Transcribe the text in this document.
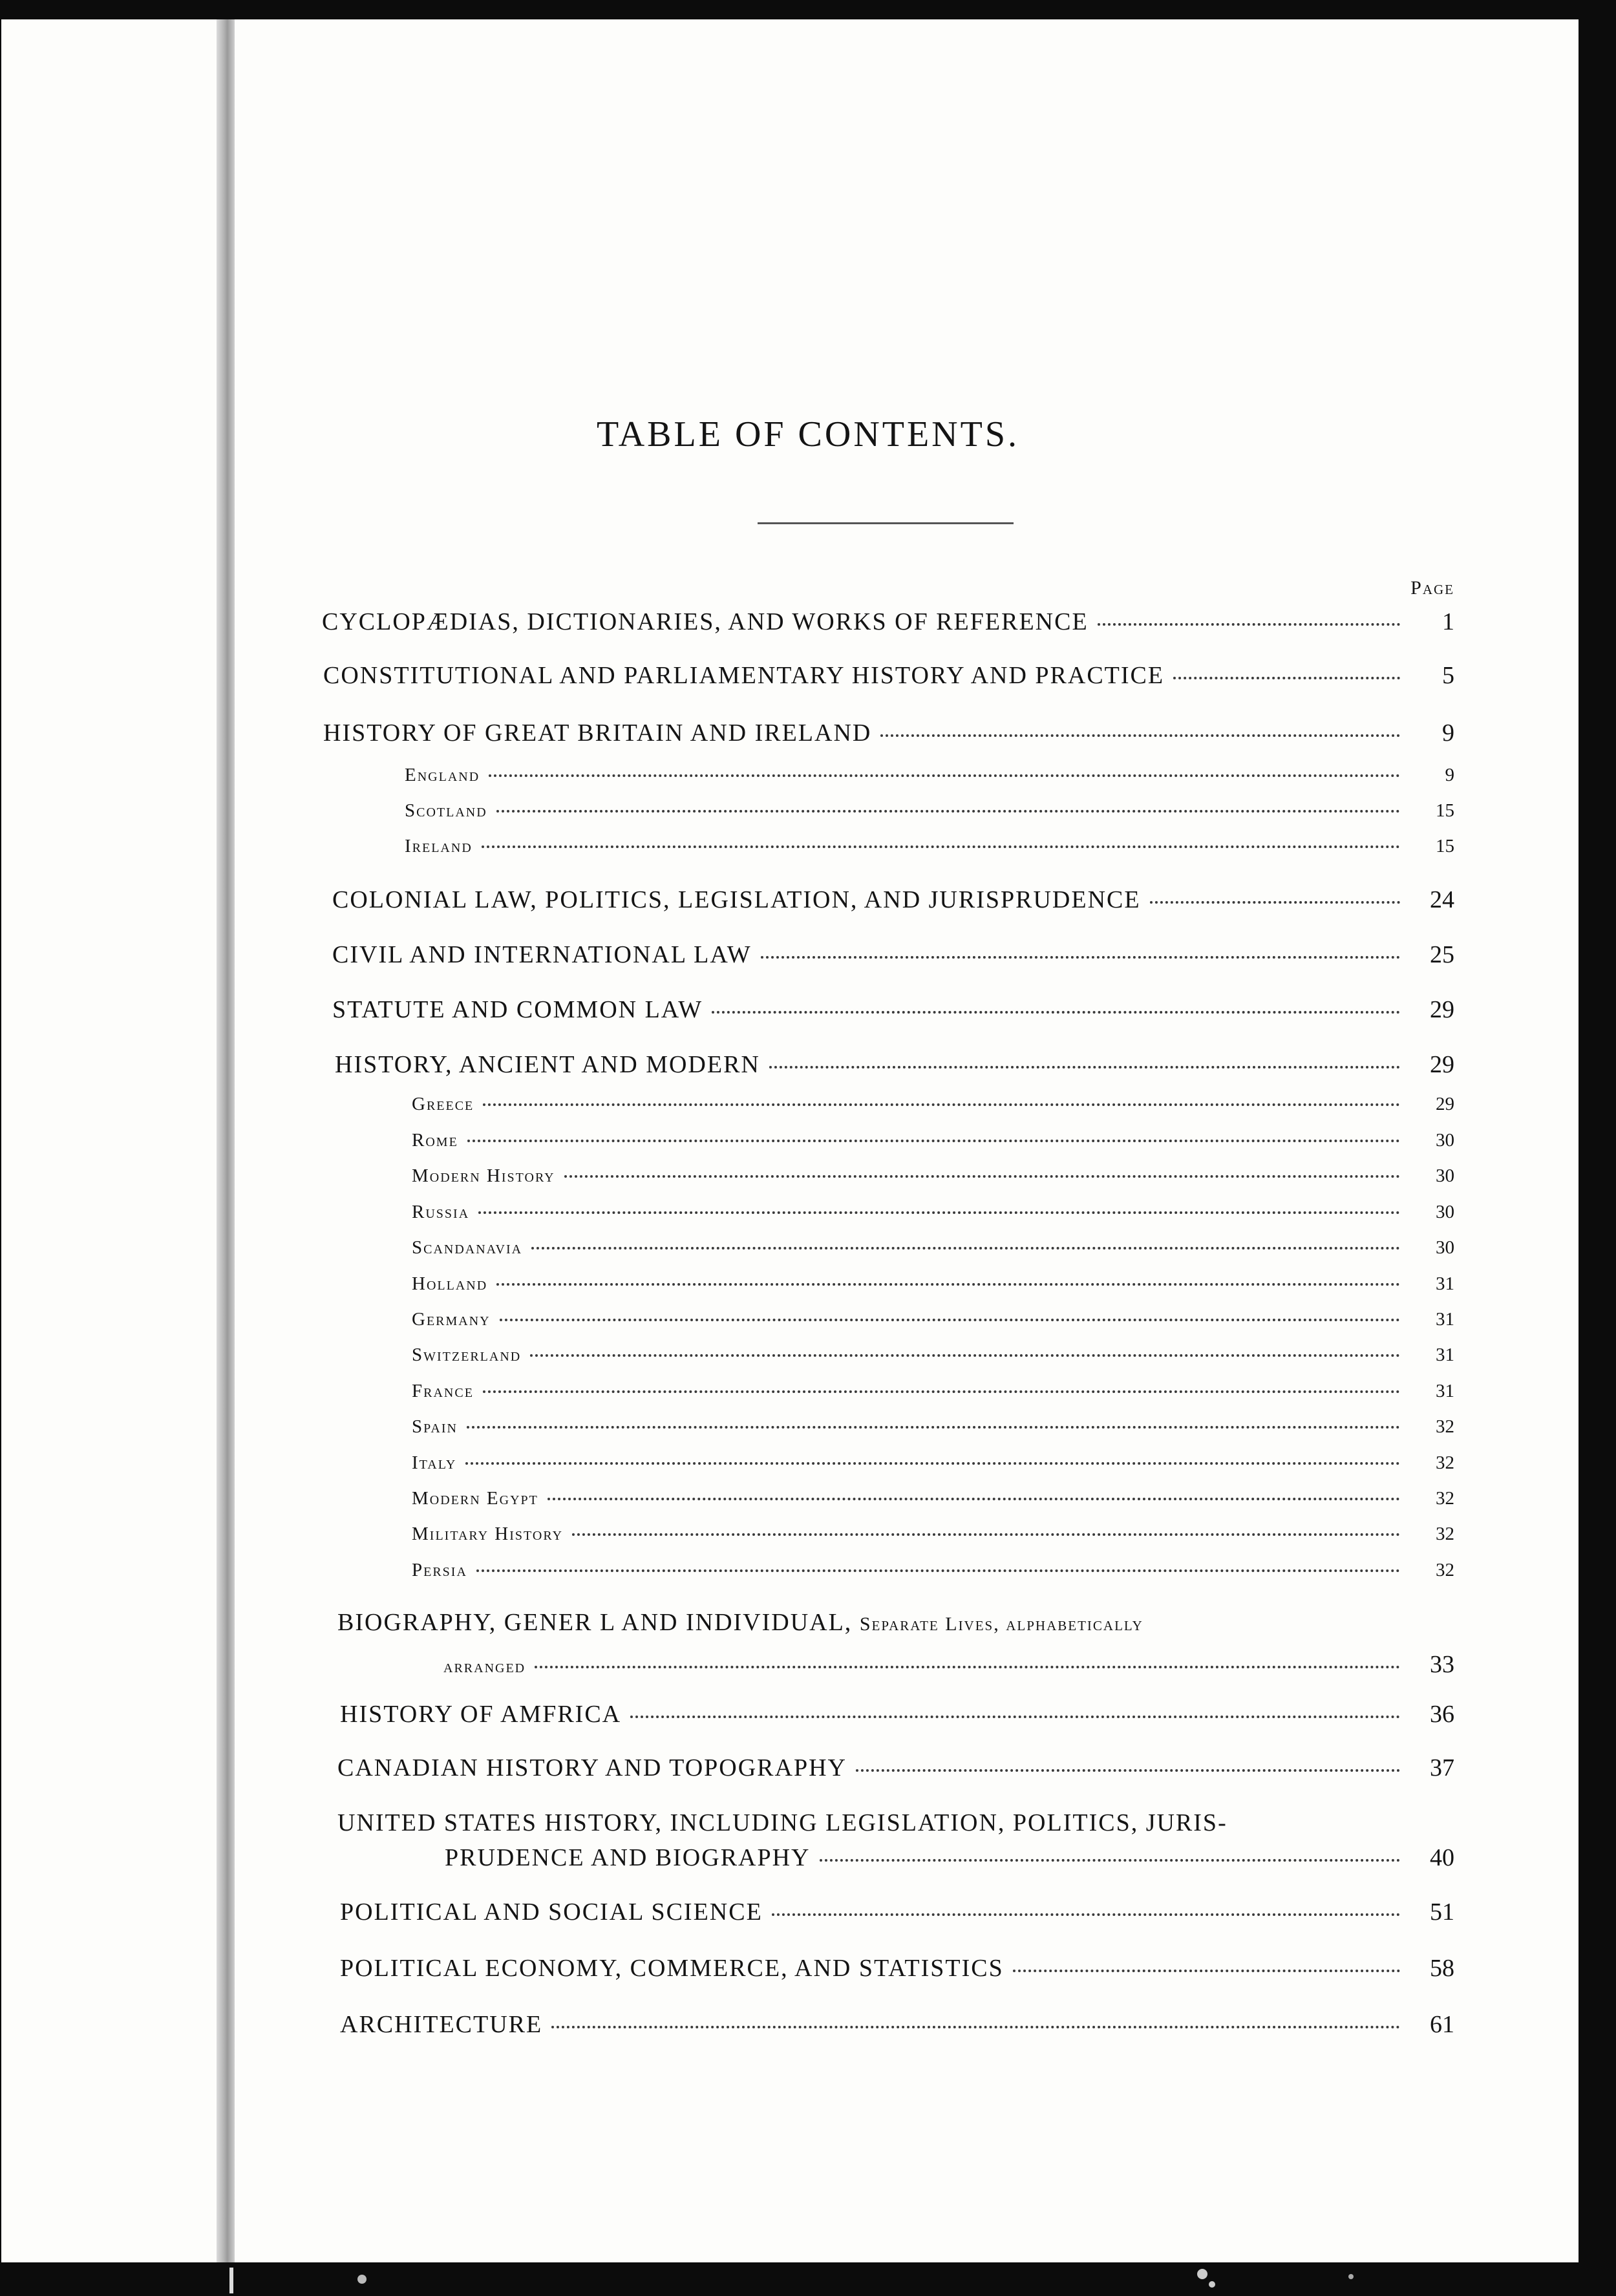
TABLE OF CONTENTS.
Page
CYCLOPÆDIAS, DICTIONARIES, AND WORKS OF REFERENCE	1
CONSTITUTIONAL AND PARLIAMENTARY HISTORY AND PRACTICE	5
HISTORY OF GREAT BRITAIN AND IRELAND	9
England	9
Scotland	15
Ireland	15
COLONIAL LAW, POLITICS, LEGISLATION, AND JURISPRUDENCE	24
CIVIL AND INTERNATIONAL LAW	25
STATUTE AND COMMON LAW	29
HISTORY, ANCIENT AND MODERN	29
Greece	29
Rome	30
Modern History	30
Russia	30
Scandanavia	30
Holland	31
Germany	31
Switzerland	31
France	31
Spain	32
Italy	32
Modern Egypt	32
Military History	32
Persia	32
BIOGRAPHY, GENER L AND INDIVIDUAL, Separate Lives, alphabetically
arranged	33
HISTORY OF AMFRICA	36
CANADIAN HISTORY AND TOPOGRAPHY	37
UNITED STATES HISTORY, INCLUDING LEGISLATION, POLITICS, JURIS-
PRUDENCE AND BIOGRAPHY	40
POLITICAL AND SOCIAL SCIENCE	51
POLITICAL ECONOMY, COMMERCE, AND STATISTICS	58
ARCHITECTURE	61
